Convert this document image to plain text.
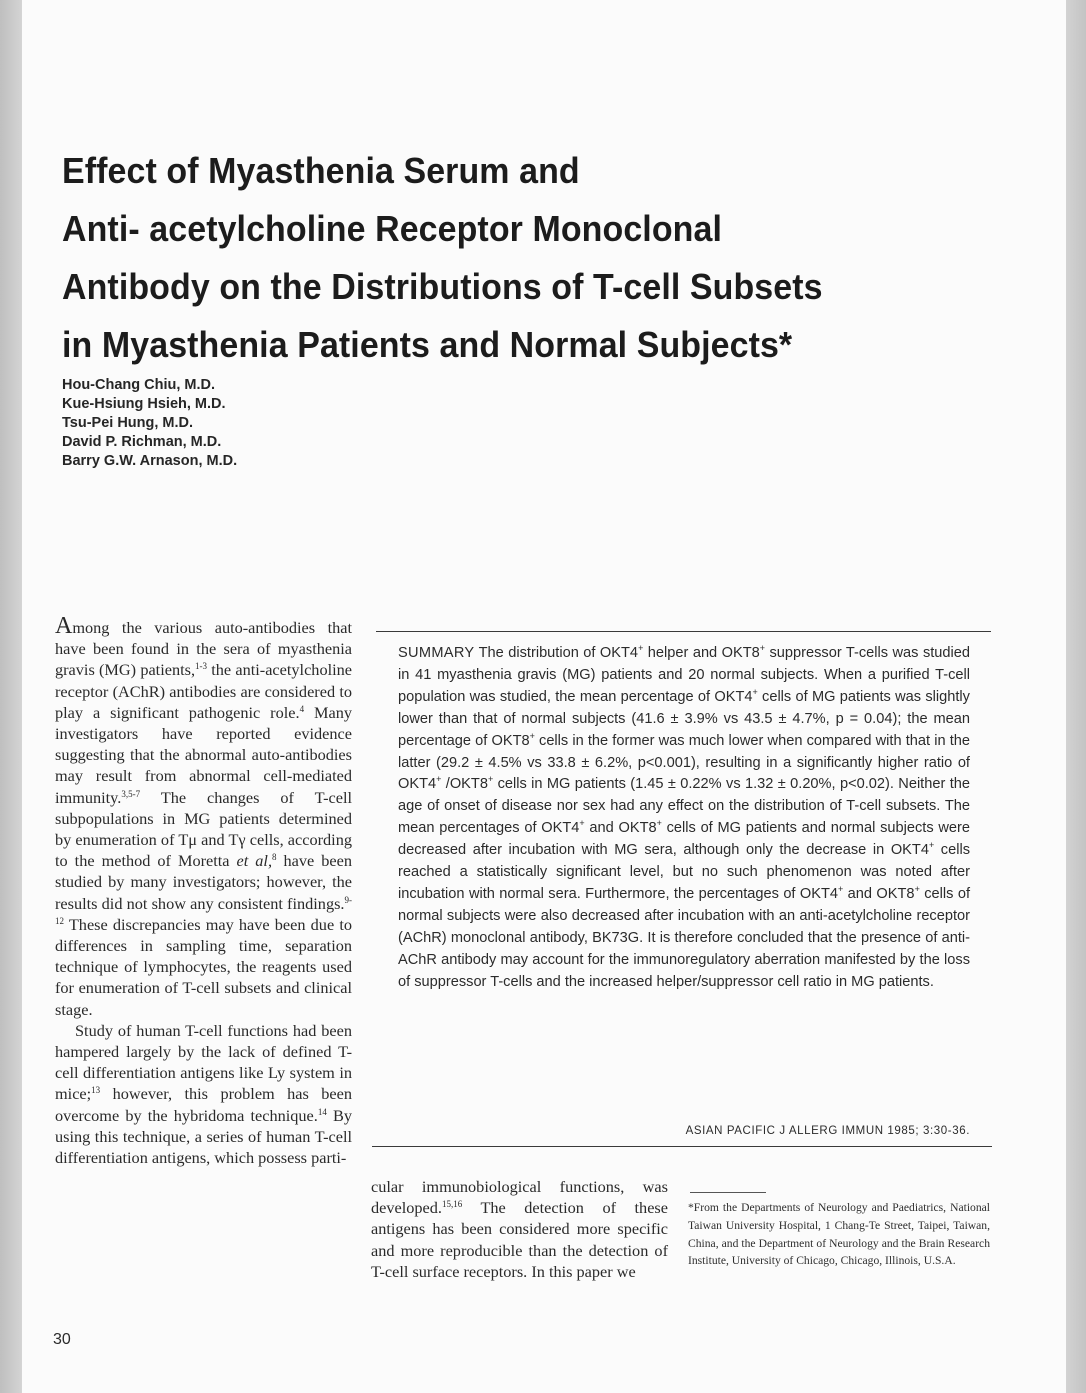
Effect of Myasthenia Serum and
Anti- acetylcholine Receptor Monoclonal
Antibody on the Distributions of T-cell Subsets
in Myasthenia Patients and Normal Subjects*
Hou-Chang Chiu, M.D.
Kue-Hsiung Hsieh, M.D.
Tsu-Pei Hung, M.D.
David P. Richman, M.D.
Barry G.W. Arnason, M.D.

Among the various auto-antibodies that have been found in the sera of myasthenia gravis (MG) patients,$^{1-3}$ the anti-acetylcholine receptor (AChR) antibodies are considered to play a significant pathogenic role.$^4$ Many investigators have reported evidence suggesting that the abnormal auto-antibodies may result from abnormal cell-mediated immunity.$^{3,5-7}$ The changes of T-cell subpopulations in MG patients determined by enumeration of Tμ and Tγ cells, according to the method of Moretta et al,$^8$ have been studied by many investigators; however, the results did not show any consistent findings.$^{9-12}$ These discrepancies may have been due to differences in sampling time, separation technique of lymphocytes, the reagents used for enumeration of T-cell subsets and clinical stage.

Study of human T-cell functions had been hampered largely by the lack of defined T-cell differentiation antigens like Ly system in mice;$^{13}$ however, this problem has been overcome by the hybridoma technique.$^{14}$ By using this technique, a series of human T-cell differentiation antigens, which possess parti-

SUMMARY The distribution of OKT4+ helper and OKT8+ suppressor T-cells was studied in 41 myasthenia gravis (MG) patients and 20 normal subjects. When a purified T-cell population was studied, the mean percentage of OKT4+ cells of MG patients was slightly lower than that of normal subjects (41.6 ± 3.9% vs 43.5 ± 4.7%, p = 0.04); the mean percentage of OKT8+ cells in the former was much lower when compared with that in the latter (29.2 ± 4.5% vs 33.8 ± 6.2%, p<0.001), resulting in a significantly higher ratio of OKT4+ /OKT8+ cells in MG patients (1.45 ± 0.22% vs 1.32 ± 0.20%, p<0.02). Neither the age of onset of disease nor sex had any effect on the distribution of T-cell subsets. The mean percentages of OKT4+ and OKT8+ cells of MG patients and normal subjects were decreased after incubation with MG sera, although only the decrease in OKT4+ cells reached a statistically significant level, but no such phenomenon was noted after incubation with normal sera. Furthermore, the percentages of OKT4+ and OKT8+ cells of normal subjects were also decreased after incubation with an anti-acetylcholine receptor (AChR) monoclonal antibody, BK73G. It is therefore concluded that the presence of anti-AChR antibody may account for the immunoregulatory aberration manifested by the loss of suppressor T-cells and the increased helper/suppressor cell ratio in MG patients.

ASIAN PACIFIC J ALLERG IMMUN 1985; 3:30-36.

cular immunobiological functions, was developed.$^{15,16}$ The detection of these antigens has been considered more specific and more reproducible than the detection of T-cell surface receptors. In this paper we

*From the Departments of Neurology and Paediatrics, National Taiwan University Hospital, 1 Chang-Te Street, Taipei, Taiwan, China, and the Department of Neurology and the Brain Research Institute, University of Chicago, Chicago, Illinois, U.S.A.

30
